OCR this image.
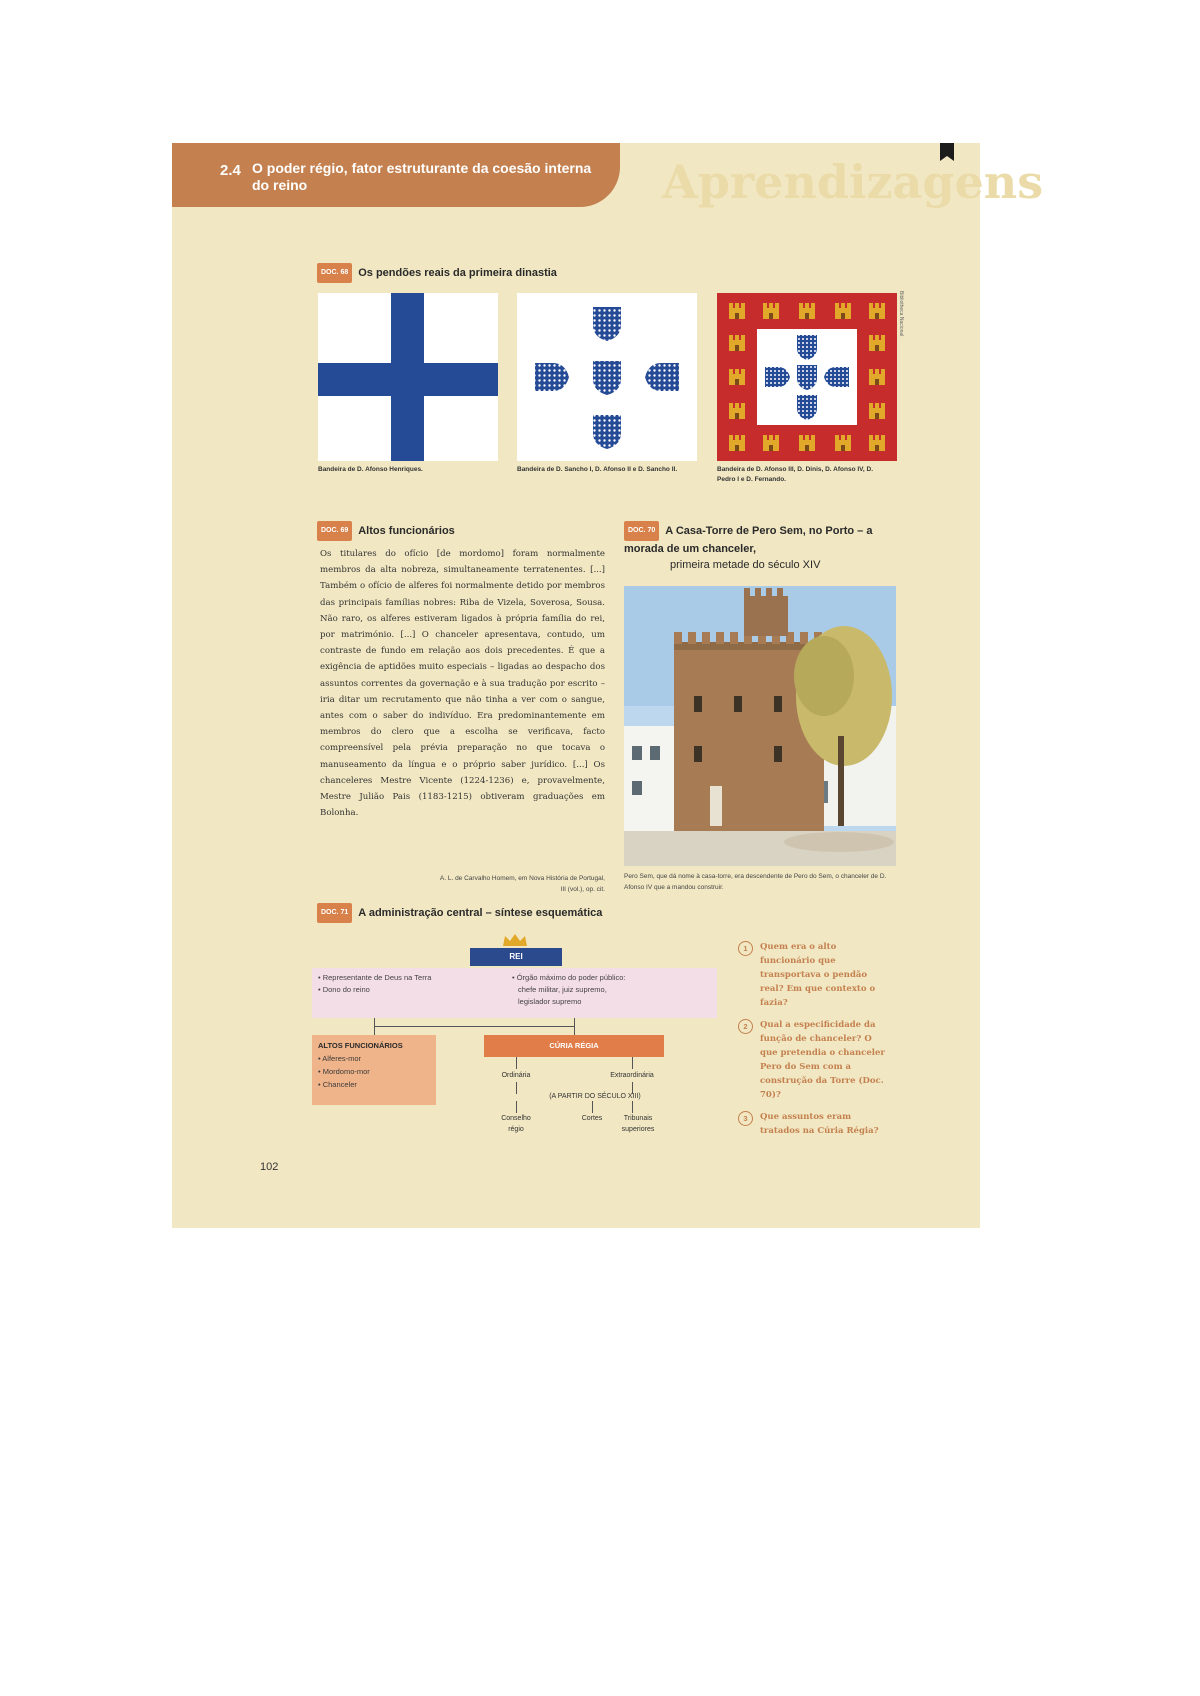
2.4 O poder régio, fator estruturante da coesão interna do reino	Aprendizagens
DOC. 68 Os pendões reais da primeira dinastia
Bibliotheca Nacional
Bandeira de D. Afonso Henriques.	Bandeira de D. Sancho I, D. Afonso II e D. Sancho II.	Bandeira de D. Afonso III, D. Dinis, D. Afonso IV, D. Pedro I e D. Fernando.
DOC. 69 Altos funcionários

Os titulares do ofício [de mordomo] foram normalmente membros da alta nobreza, simultaneamente terratenentes. [...] Também o ofício de alferes foi normalmente detido por membros das principais famílias nobres: Riba de Vizela, Soverosa, Sousa. Não raro, os alferes estiveram ligados à própria família do rei, por matrimónio. [...] O chanceler apresentava, contudo, um contraste de fundo em relação aos dois precedentes. É que a exigência de aptidões muito especiais – ligadas ao despacho dos assuntos correntes da governação e à sua tradução por escrito – iria ditar um recrutamento que não tinha a ver com o sangue, antes com o saber do indivíduo. Era predominantemente em membros do clero que a escolha se verificava, facto compreensível pela prévia preparação no que tocava o manuseamento da língua e o próprio saber jurídico. [...] Os chanceleres Mestre Vicente (1224-1236) e, provavelmente, Mestre Julião Pais (1183-1215) obtiveram graduações em Bolonha.

A. L. de Carvalho Homem, em Nova História de Portugal,
III (vol.), op. cit.

DOC. 70 A Casa-Torre de Pero Sem, no Porto – a morada de um chanceler,
primeira metade do século XIV
Pero Sem, que dá nome à casa-torre, era descendente de Pero do Sem, o chanceler de D. Afonso IV que a mandou construir.
DOC. 71 A administração central – síntese esquemática
REI
• Representante de Deus na Terra
• Dono do reino
• Órgão máximo do poder público:
chefe militar, juiz supremo,
legislador supremo
ALTOS FUNCIONÁRIOS
• Alferes-mor
• Mordomo-mor
• Chanceler
CÚRIA RÉGIA
Ordinária	Extraordinária
(A PARTIR DO SÉCULO XIII)
Conselho
régio
Cortes	Tribunais
superiores
1	Quem era o alto funcionário que transportava o pendão real? Em que contexto o fazia?
2	Qual a especificidade da função de chanceler? O que pretendia o chanceler Pero do Sem com a construção da Torre (Doc. 70)?
3	Que assuntos eram tratados na Cúria Régia?
102
